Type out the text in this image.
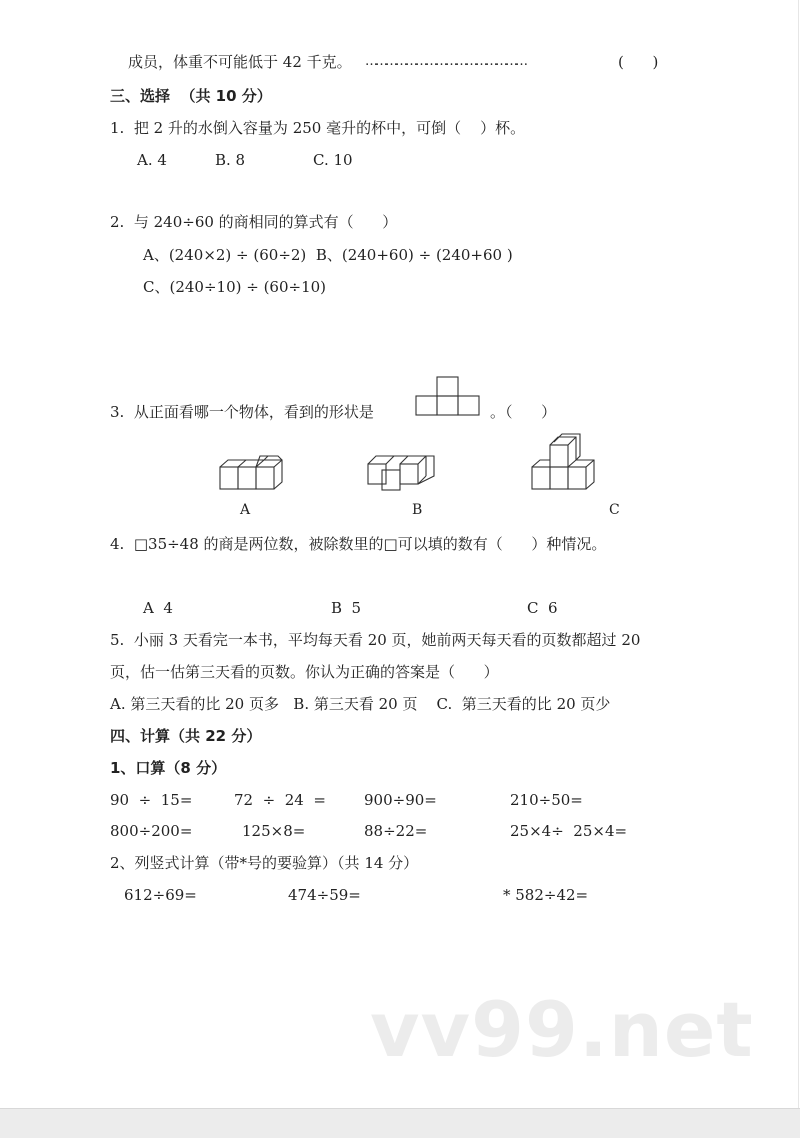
成员，体重不可能低于 42 千克。 …………………………………………	(      )
三、选择  （共 10 分）
1.  把 2 升的水倒入容量为 250 毫升的杯中，可倒（    ）杯。
A. 4	B. 8	C. 10
2.  与 240÷60 的商相同的算式有（      ）
A、(240×2) ÷ (60÷2)  B、(240+60) ÷ (240+60 )
C、(240÷10) ÷ (60÷10)
3.  从正面看哪一个物体，看到的形状是	。（      ）
A	B	C
4.  □35÷48 的商是两位数，被除数里的□可以填的数有（      ）种情况。
A  4	B  5	C  6
5.  小丽 3 天看完一本书，平均每天看 20 页，她前两天每天看的页数都超过 20
页，估一估第三天看的页数。你认为正确的答案是（      ）
A. 第三天看的比 20 页多   B. 第三天看 20 页    C.  第三天看的比 20 页少
四、计算（共 22 分）
1、口算（8 分）
90  ÷  15=	72  ÷  24  =	900÷90=	210÷50=
800÷200=	125×8=	88÷22=	25×4÷  25×4=
2、列竖式计算（带*号的要验算）（共 14 分）
612÷69=	474÷59=	* 582÷42=
vv99.net
